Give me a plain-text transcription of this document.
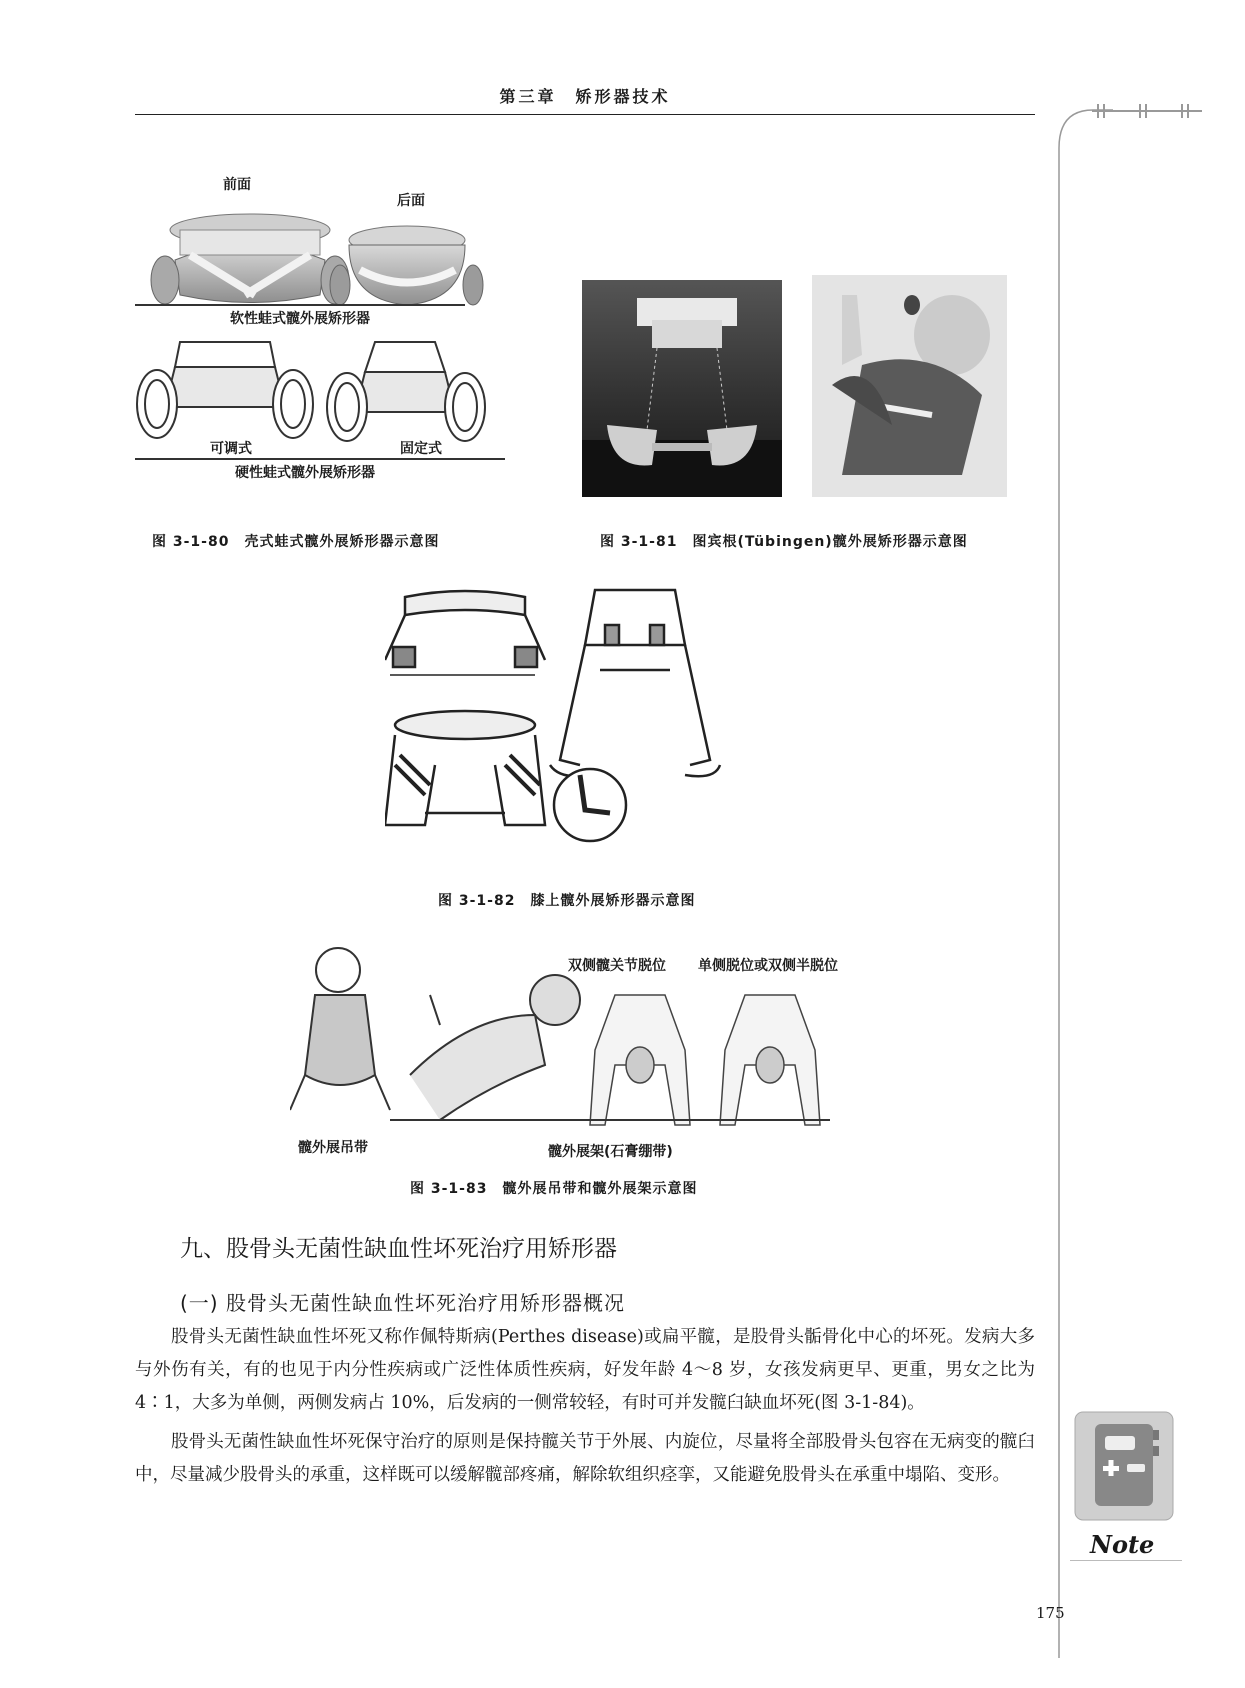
第三章　矫形器技术
前面
后面
软性蛙式髋外展矫形器
可调式	固定式
硬性蛙式髋外展矫形器
图 3-1-80　壳式蛙式髋外展矫形器示意图	图 3-1-81　图宾根(Tübingen)髋外展矫形器示意图
图 3-1-82　膝上髋外展矫形器示意图
双侧髋关节脱位 单侧脱位或双侧半脱位
髋外展吊带	髋外展架(石膏绷带)
图 3-1-83　髋外展吊带和髋外展架示意图
九、股骨头无菌性缺血性坏死治疗用矫形器
(一) 股骨头无菌性缺血性坏死治疗用矫形器概况

股骨头无菌性缺血性坏死又称作佩特斯病(Perthes disease)或扁平髋，是股骨头骺骨化中心的坏死。发病大多与外伤有关，有的也见于内分性疾病或广泛性体质性疾病，好发年龄 4～8 岁，女孩发病更早、更重，男女之比为 4∶1，大多为单侧，两侧发病占 10%，后发病的一侧常较轻，有时可并发髋臼缺血坏死(图 3-1-84)。

股骨头无菌性缺血性坏死保守治疗的原则是保持髋关节于外展、内旋位，尽量将全部股骨头包容在无病变的髋臼中，尽量减少股骨头的承重，这样既可以缓解髋部疼痛，解除软组织痉挛，又能避免股骨头在承重中塌陷、变形。

Note
175
